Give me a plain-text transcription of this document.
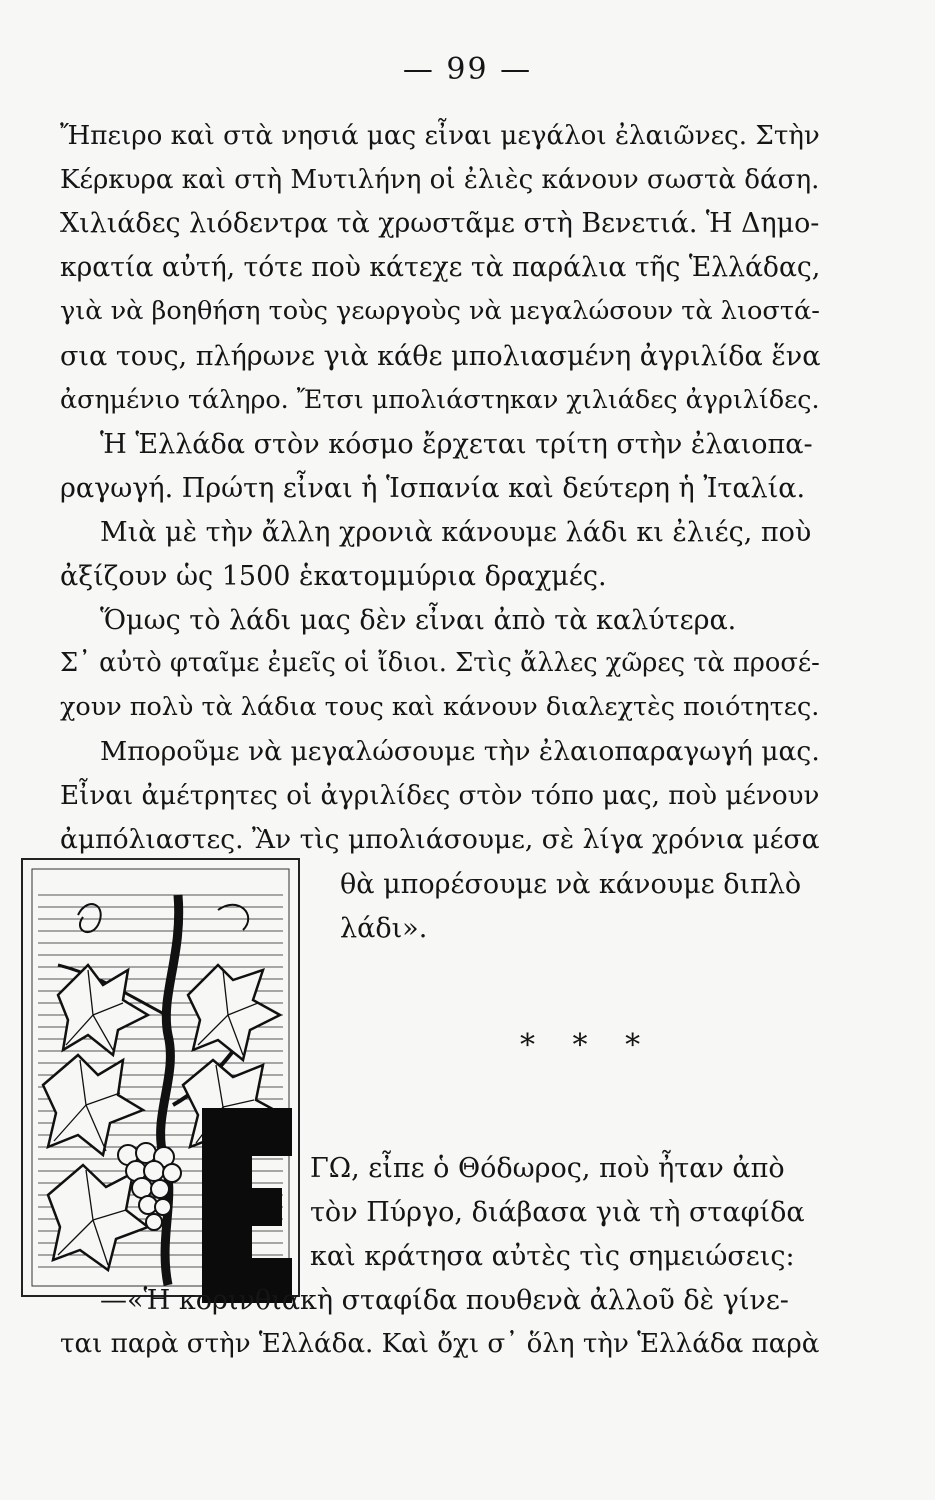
— 99 —
Ἤπειρο καὶ στὰ νησιά μας εἶναι μεγάλοι ἐλαιῶνες. Στὴν
Κέρκυρα καὶ στὴ Μυτιλήνη οἱ ἐλιὲς κάνουν σωστὰ δάση.
Χιλιάδες λιόδεντρα τὰ χρωστᾶμε στὴ Βενετιά. Ἡ Δημο-
κρατία αὐτή, τότε ποὺ κάτεχε τὰ παράλια τῆς Ἑλλάδας,
γιὰ νὰ βοηθήση τοὺς γεωργοὺς νὰ μεγαλώσουν τὰ λιοστά-
σια τους, πλήρωνε γιὰ κάθε μπολιασμένη ἀγριλίδα ἕνα
ἀσημένιο τάληρο. Ἔτσι μπολιάστηκαν χιλιάδες ἀγριλίδες.
Ἡ Ἑλλάδα στὸν κόσμο ἔρχεται τρίτη στὴν ἐλαιοπα-
ραγωγή. Πρώτη εἶναι ἡ Ἱσπανία καὶ δεύτερη ἡ Ἰταλία.
Μιὰ μὲ τὴν ἄλλη χρονιὰ κάνουμε λάδι κι ἐλιές, ποὺ
ἀξίζουν ὡς 1500 ἑκατομμύρια δραχμές.
Ὅμως τὸ λάδι μας δὲν εἶναι ἀπὸ τὰ καλύτερα.
Σ᾽ αὐτὸ φταῖμε ἐμεῖς οἱ ἴδιοι. Στὶς ἄλλες χῶρες τὰ προσέ-
χουν πολὺ τὰ λάδια τους καὶ κάνουν διαλεχτὲς ποιότητες.
Μποροῦμε νὰ μεγαλώσουμε τὴν ἐλαιοπαραγωγή μας.
Εἶναι ἀμέτρητες οἱ ἀγριλίδες στὸν τόπο μας, ποὺ μένουν
ἀμπόλιαστες. Ἂν τὶς μπολιάσουμε, σὲ λίγα χρόνια μέσα
θὰ μπορέσουμε νὰ κάνουμε διπλὸ
λάδι».
* * *
Ε
ΓΩ, εἶπε ὁ Θόδωρος, ποὺ ἦταν ἀπὸ
τὸν Πύργο, διάβασα γιὰ τὴ σταφίδα
καὶ κράτησα αὐτὲς τὶς σημειώσεις:
—«Ἡ κορινθιακὴ σταφίδα πουθενὰ ἀλλοῦ δὲ γίνε-
ται παρὰ στὴν Ἑλλάδα. Καὶ ὄχι σ᾽ ὅλη τὴν Ἑλλάδα παρὰ
